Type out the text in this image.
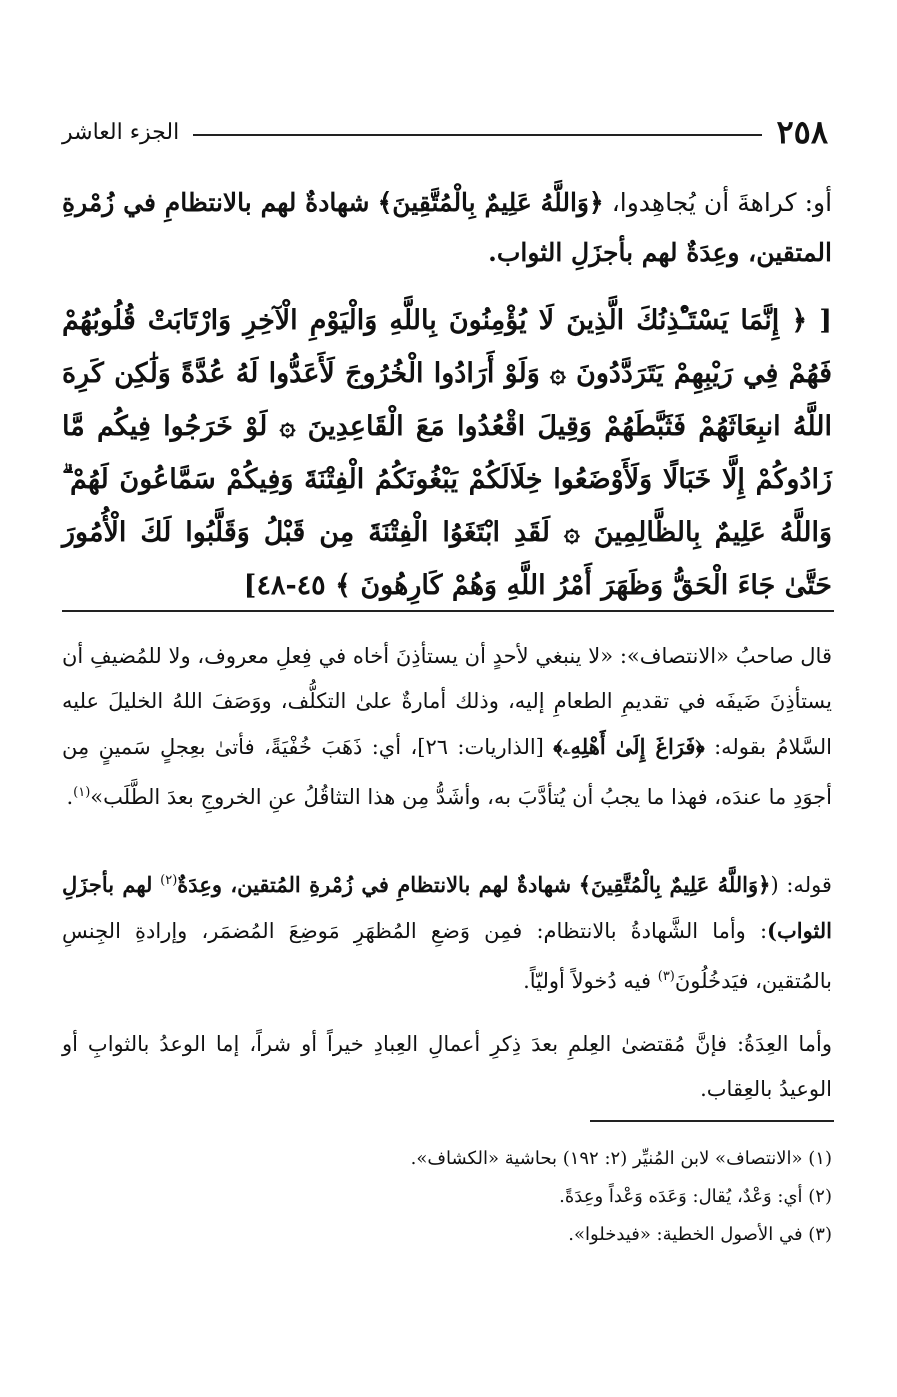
٢٥٨
الجزء العاشر
أو: كراهةَ أن يُجاهِدوا، ﴿وَاللَّهُ عَلِيمٌ بِالْمُتَّقِينَ﴾ شهادةٌ لهم بالانتظامِ في زُمْرةِ المتقين، وعِدَةٌ لهم بأجزَلِ الثواب.
[ ﴿ إِنَّمَا يَسْتَـْٔذِنُكَ الَّذِينَ لَا يُؤْمِنُونَ بِاللَّهِ وَالْيَوْمِ الْآخِرِ وَارْتَابَتْ قُلُوبُهُمْ فَهُمْ فِي رَيْبِهِمْ يَتَرَدَّدُونَ ۞ وَلَوْ أَرَادُوا الْخُرُوجَ لَأَعَدُّوا لَهُ عُدَّةً وَلَٰكِن كَرِهَ اللَّهُ انبِعَاثَهُمْ فَثَبَّطَهُمْ وَقِيلَ اقْعُدُوا مَعَ الْقَاعِدِينَ ۞ لَوْ خَرَجُوا فِيكُم مَّا زَادُوكُمْ إِلَّا خَبَالًا وَلَأَوْضَعُوا خِلَالَكُمْ يَبْغُونَكُمُ الْفِتْنَةَ وَفِيكُمْ سَمَّاعُونَ لَهُمْ ۗ وَاللَّهُ عَلِيمٌ بِالظَّالِمِينَ ۞ لَقَدِ ابْتَغَوُا الْفِتْنَةَ مِن قَبْلُ وَقَلَّبُوا لَكَ الْأُمُورَ حَتَّىٰ جَاءَ الْحَقُّ وَظَهَرَ أَمْرُ اللَّهِ وَهُمْ كَارِهُونَ ﴾ ٤٥-٤٨]
قال صاحبُ «الانتصاف»: «لا ينبغي لأحدٍ أن يستأذِنَ أخاه في فِعلِ معروف، ولا للمُضيفِ أن يستأذِنَ ضَيفَه في تقديمِ الطعامِ إليه، وذلك أمارةٌ علىٰ التكلُّف، ووَصَفَ اللهُ الخليلَ عليه السَّلامُ بقوله: ﴿فَرَاغَ إِلَىٰ أَهْلِهِۦ﴾ [الذاريات: ٢٦]، أي: ذَهَبَ خُفْيَةً، فأتىٰ بعِجلٍ سَمينٍ مِن أجوَدِ ما عندَه، فهذا ما يجبُ أن يُتأدَّبَ به، وأشَدُّ مِن هذا التثاقُلُ عنِ الخروجِ بعدَ الطَّلَب»$^{(١)}$.
قوله: (﴿وَاللَّهُ عَلِيمٌ بِالْمُتَّقِينَ﴾ شهادةٌ لهم بالانتظامِ في زُمْرةِ المُتقين، وعِدَةٌ$^{(٢)}$ لهم بأجزَلِ الثواب): وأما الشَّهادةُ بالانتظام: فمِن وَضعِ المُظهَرِ مَوضِعَ المُضمَر، وإرادةِ الجِنسِ بالمُتقين، فيَدخُلُونَ$^{(٣)}$ فيه دُخولاً أوليّاً.
وأما العِدَةُ: فإنَّ مُقتضىٰ العِلمِ بعدَ ذِكرِ أعمالِ العِبادِ خيراً أو شراً، إما الوعدُ بالثوابِ أو الوعيدُ بالعِقاب.
(١) «الانتصاف» لابن المُنيِّر (٢: ١٩٢) بحاشية «الكشاف».
(٢) أي: وَعْدٌ، يُقال: وَعَدَه وَعْداً وعِدَةً.
(٣) في الأصول الخطية: «فيدخلوا».
